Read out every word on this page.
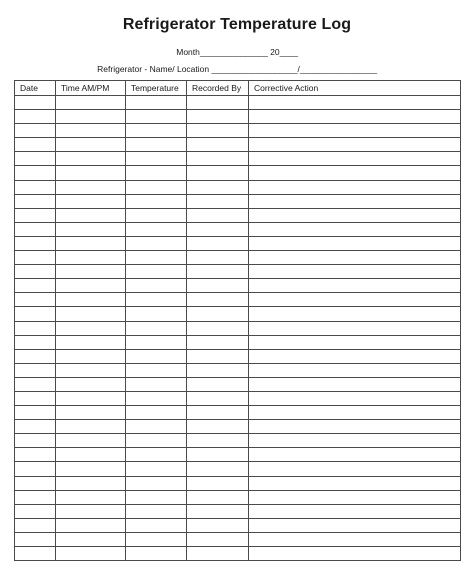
Refrigerator Temperature Log
Month_______________ 20____
Refrigerator - Name/ Location ___________________/_________________
Date	Time AM/PM	Temperature	Recorded By	Corrective Action
